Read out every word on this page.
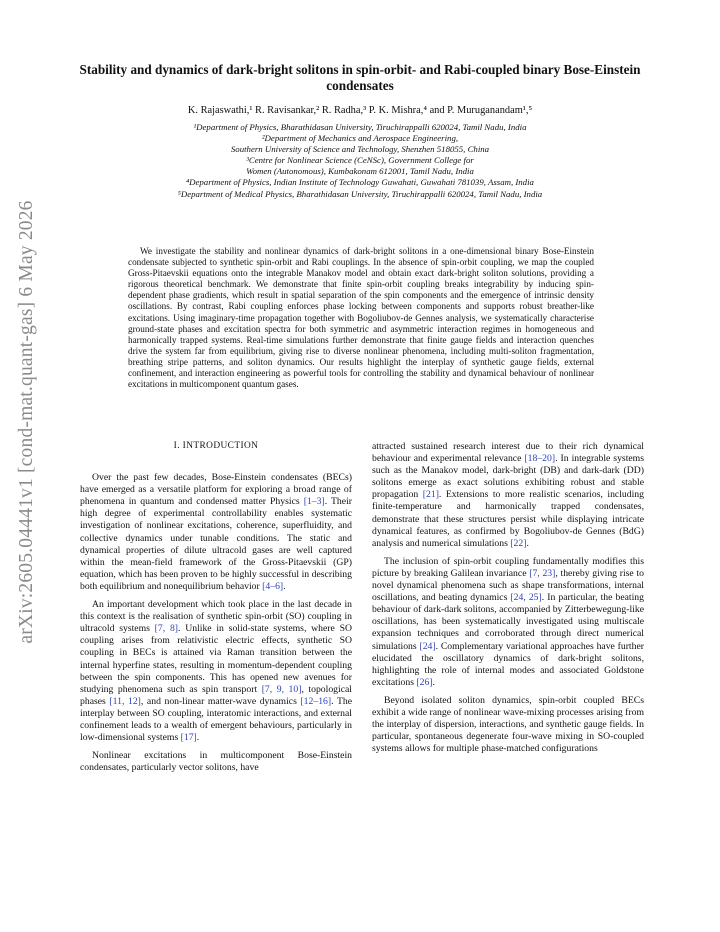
arXiv:2605.04441v1 [cond-mat.quant-gas] 6 May 2026
Stability and dynamics of dark-bright solitons in spin-orbit- and Rabi-coupled binary Bose-Einstein condensates
K. Rajaswathi,¹ R. Ravisankar,² R. Radha,³ P. K. Mishra,⁴ and P. Muruganandam¹,⁵
¹Department of Physics, Bharathidasan University, Tiruchirappalli 620024, Tamil Nadu, India
²Department of Mechanics and Aerospace Engineering,
Southern University of Science and Technology, Shenzhen 518055, China
³Centre for Nonlinear Science (CeNSc), Government College for
Women (Autonomous), Kumbakonam 612001, Tamil Nadu, India
⁴Department of Physics, Indian Institute of Technology Guwahati, Guwahati 781039, Assam, India
⁵Department of Medical Physics, Bharathidasan University, Tiruchirappalli 620024, Tamil Nadu, India

We investigate the stability and nonlinear dynamics of dark-bright solitons in a one-dimensional binary Bose-Einstein condensate subjected to synthetic spin-orbit and Rabi couplings. In the absence of spin-orbit coupling, we map the coupled Gross-Pitaevskii equations onto the integrable Manakov model and obtain exact dark-bright soliton solutions, providing a rigorous theoretical benchmark. We demonstrate that finite spin-orbit coupling breaks integrability by inducing spin-dependent phase gradients, which result in spatial separation of the spin components and the emergence of intrinsic density oscillations. By contrast, Rabi coupling enforces phase locking between components and supports robust breather-like excitations. Using imaginary-time propagation together with Bogoliubov-de Gennes analysis, we systematically characterise ground-state phases and excitation spectra for both symmetric and asymmetric interaction regimes in homogeneous and harmonically trapped systems. Real-time simulations further demonstrate that finite gauge fields and interaction quenches drive the system far from equilibrium, giving rise to diverse nonlinear phenomena, including multi-soliton fragmentation, breathing stripe patterns, and soliton dynamics. Our results highlight the interplay of synthetic gauge fields, external confinement, and interaction engineering as powerful tools for controlling the stability and dynamical behaviour of nonlinear excitations in multicomponent quantum gases.

I. INTRODUCTION

Over the past few decades, Bose-Einstein condensates (BECs) have emerged as a versatile platform for exploring a broad range of phenomena in quantum and condensed matter Physics [1–3]. Their high degree of experimental controllability enables systematic investigation of nonlinear excitations, coherence, superfluidity, and collective dynamics under tunable conditions. The static and dynamical properties of dilute ultracold gases are well captured within the mean-field framework of the Gross-Pitaevskii (GP) equation, which has been proven to be highly successful in describing both equilibrium and nonequilibrium behavior [4–6].

An important development which took place in the last decade in this context is the realisation of synthetic spin-orbit (SO) coupling in ultracold systems [7, 8]. Unlike in solid-state systems, where SO coupling arises from relativistic electric effects, synthetic SO coupling in BECs is attained via Raman transition between the internal hyperfine states, resulting in momentum-dependent coupling between the spin components. This has opened new avenues for studying phenomena such as spin transport [7, 9, 10], topological phases [11, 12], and non-linear matter-wave dynamics [12–16]. The interplay between SO coupling, interatomic interactions, and external confinement leads to a wealth of emergent behaviours, particularly in low-dimensional systems [17].

Nonlinear excitations in multicomponent Bose-Einstein condensates, particularly vector solitons, have

attracted sustained research interest due to their rich dynamical behaviour and experimental relevance [18–20]. In integrable systems such as the Manakov model, dark-bright (DB) and dark-dark (DD) solitons emerge as exact solutions exhibiting robust and stable propagation [21]. Extensions to more realistic scenarios, including finite-temperature and harmonically trapped condensates, demonstrate that these structures persist while displaying intricate dynamical features, as confirmed by Bogoliubov-de Gennes (BdG) analysis and numerical simulations [22].

The inclusion of spin-orbit coupling fundamentally modifies this picture by breaking Galilean invariance [7, 23], thereby giving rise to novel dynamical phenomena such as shape transformations, internal oscillations, and beating dynamics [24, 25]. In particular, the beating behaviour of dark-dark solitons, accompanied by Zitterbewegung-like oscillations, has been systematically investigated using multiscale expansion techniques and corroborated through direct numerical simulations [24]. Complementary variational approaches have further elucidated the oscillatory dynamics of dark-bright solitons, highlighting the role of internal modes and associated Goldstone excitations [26].

Beyond isolated soliton dynamics, spin-orbit coupled BECs exhibit a wide range of nonlinear wave-mixing processes arising from the interplay of dispersion, interactions, and synthetic gauge fields. In particular, spontaneous degenerate four-wave mixing in SO-coupled systems allows for multiple phase-matched configurations
